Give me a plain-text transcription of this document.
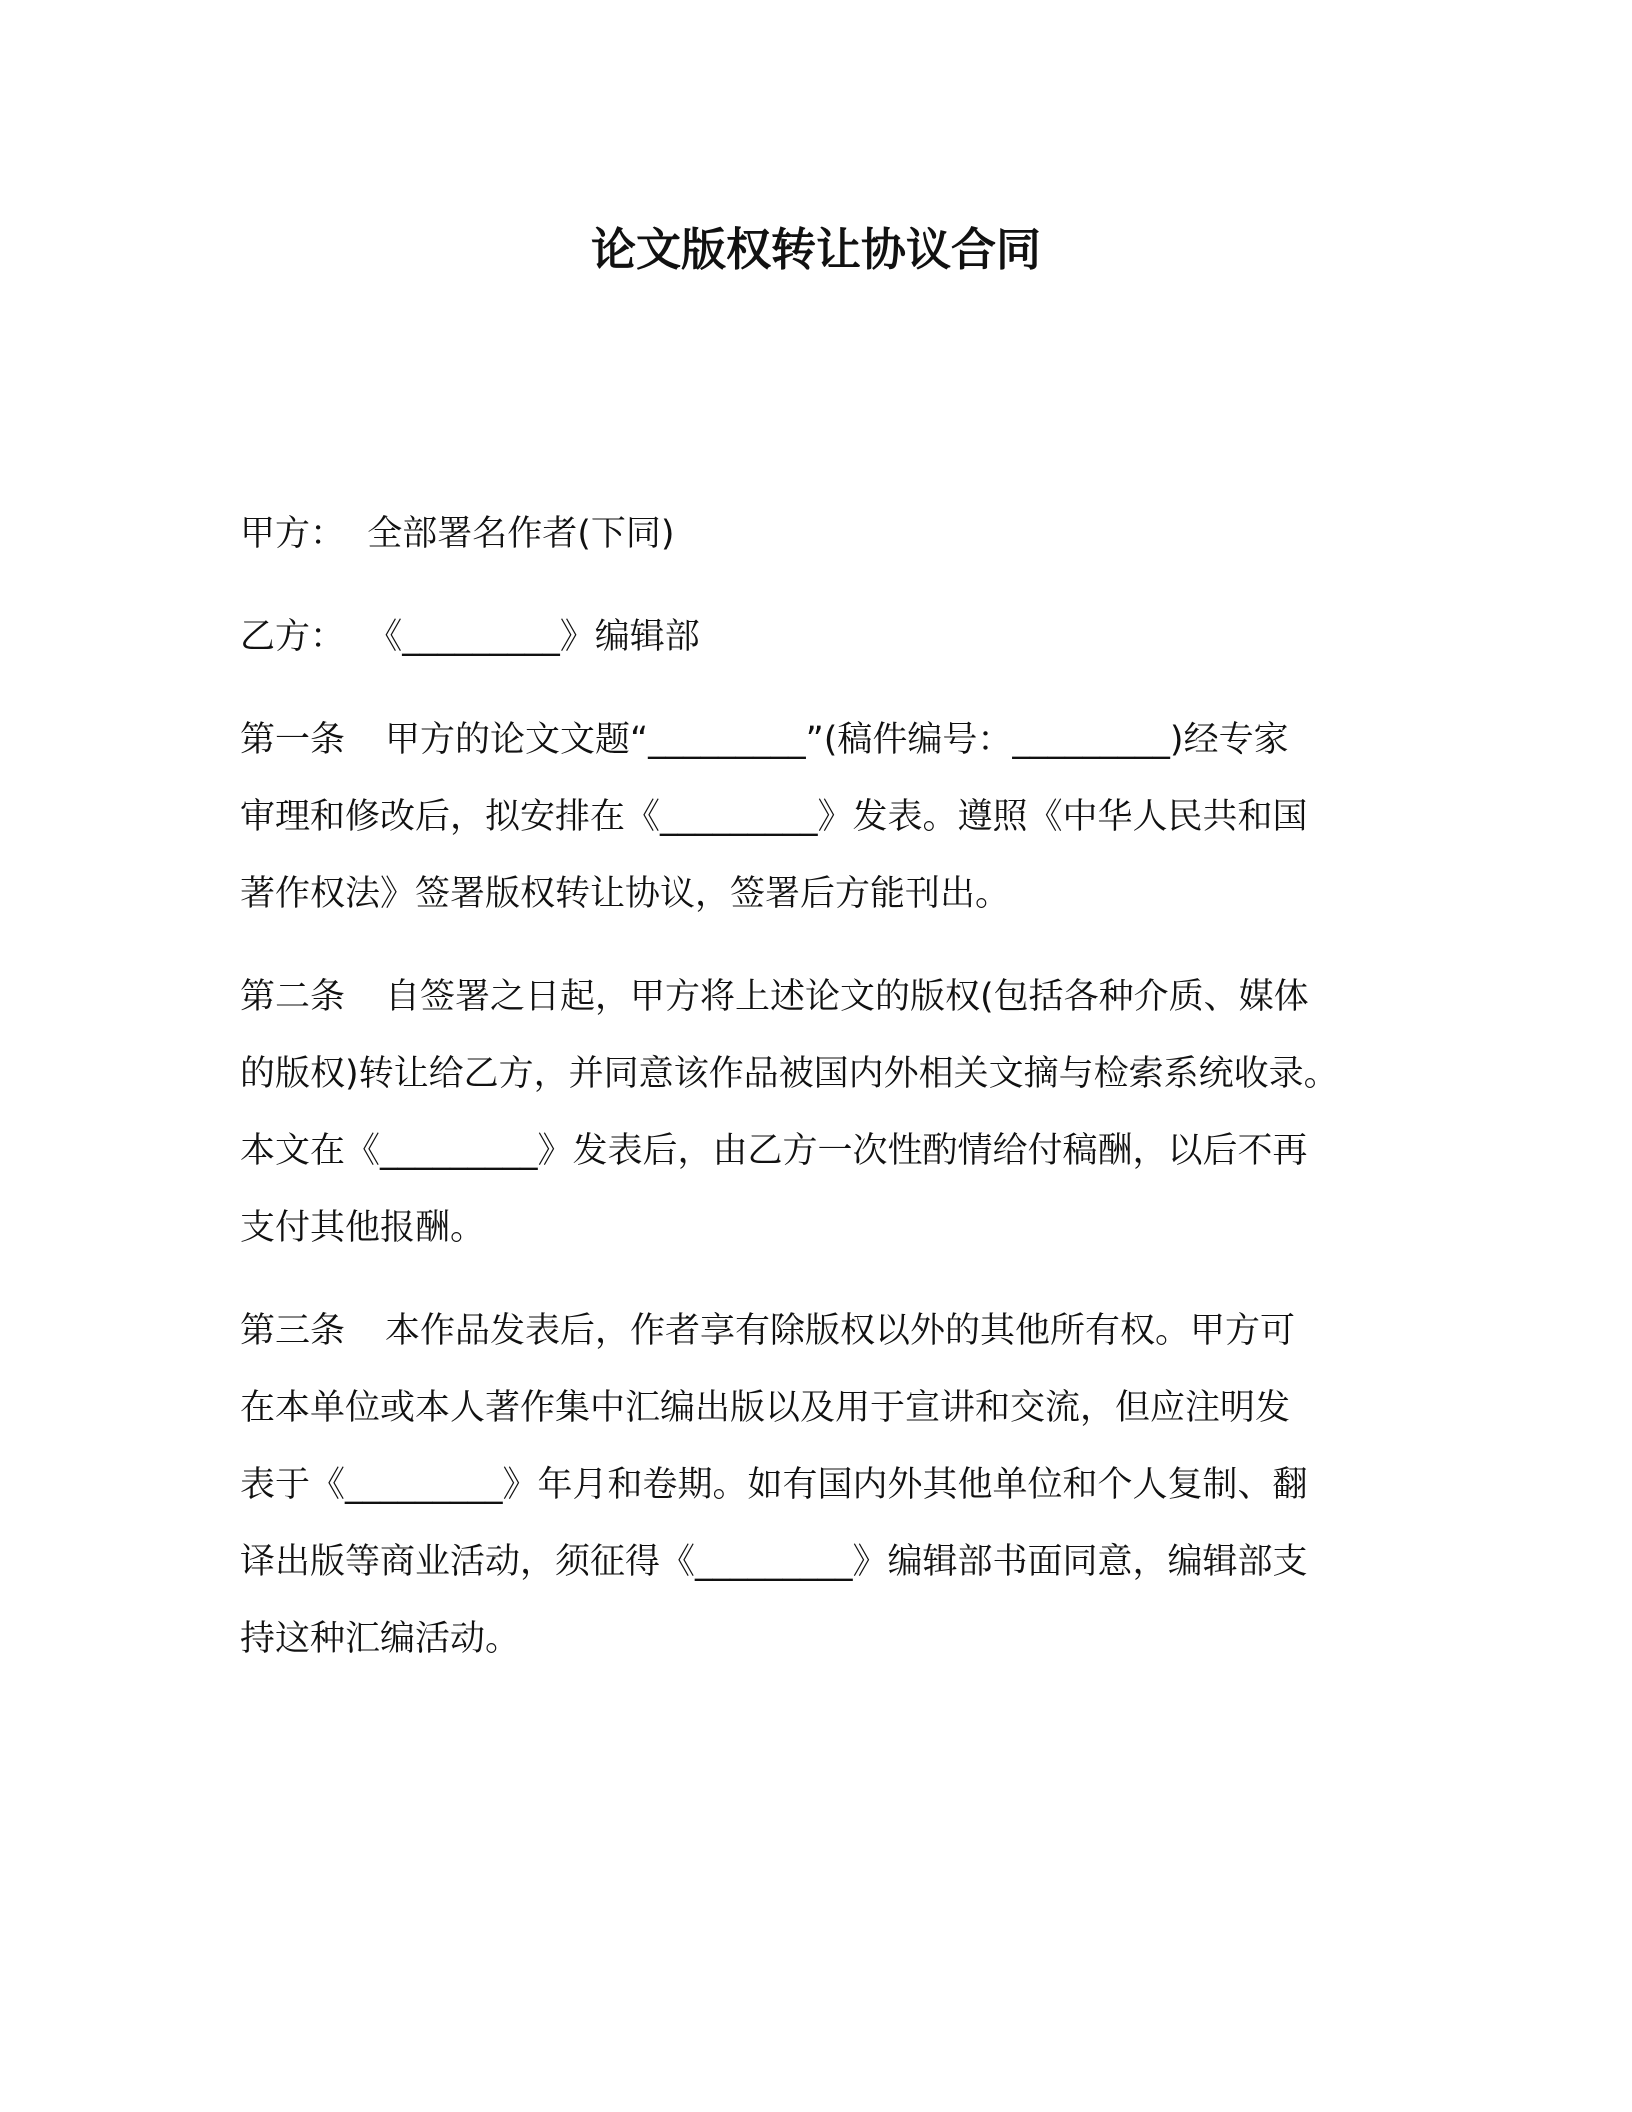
论文版权转让协议合同
甲方： 全部署名作者(下同)
乙方： 《_________》编辑部
第一条 甲方的论文文题“_________”(稿件编号：_________)经专家
审理和修改后，拟安排在《_________》发表。遵照《中华人民共和国
著作权法》签署版权转让协议，签署后方能刊出。
第二条 自签署之日起，甲方将上述论文的版权(包括各种介质、媒体
的版权)转让给乙方，并同意该作品被国内外相关文摘与检索系统收录。
本文在《_________》发表后，由乙方一次性酌情给付稿酬，以后不再
支付其他报酬。
第三条 本作品发表后，作者享有除版权以外的其他所有权。甲方可
在本单位或本人著作集中汇编出版以及用于宣讲和交流，但应注明发
表于《_________》年月和卷期。如有国内外其他单位和个人复制、翻
译出版等商业活动，须征得《_________》编辑部书面同意，编辑部支
持这种汇编活动。
